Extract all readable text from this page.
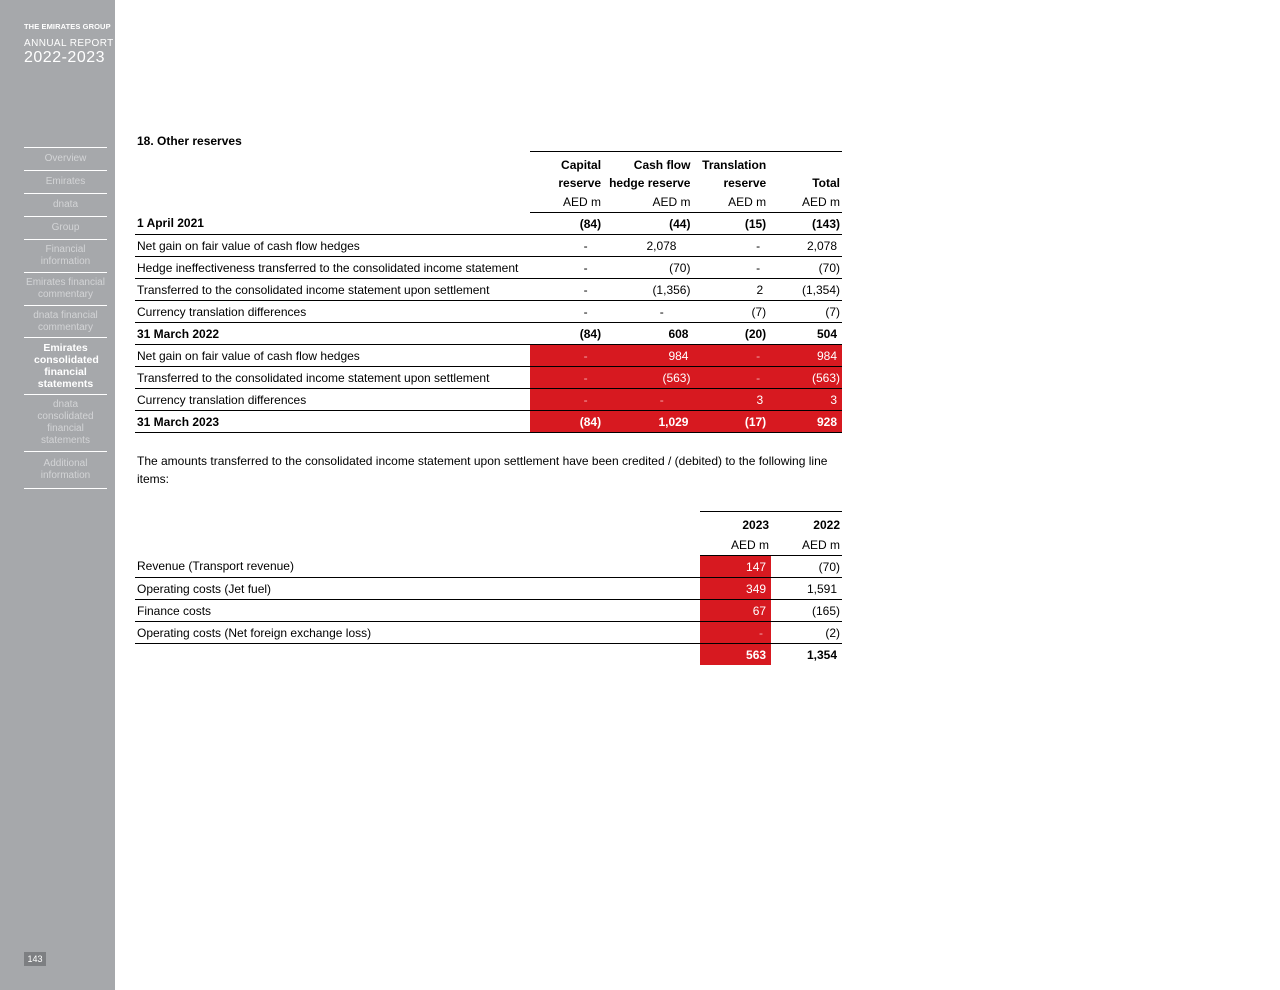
THE EMIRATES GROUP
ANNUAL REPORT
2022-2023
Overview
Emirates
dnata
Group
Financial information
Emirates financial commentary
dnata financial commentary
Emirates consolidated financial statements
dnata consolidated financial statements
Additional information
143
18. Other reserves
	Capital	Cash flow	Translation	
	reserve	hedge reserve	reserve	Total
	AED m	AED m	AED m	AED m
1 April 2021	(84)	(44)	(15)	(143)
Net gain on fair value of cash flow hedges	-	2,078	-	2,078
Hedge ineffectiveness transferred to the consolidated income statement	-	(70)	-	(70)
Transferred to the consolidated income statement upon settlement	-	(1,356)	2	(1,354)
Currency translation differences	-	-	(7)	(7)
31 March 2022	(84)	608	(20)	504
Net gain on fair value of cash flow hedges	-	984	-	984
Transferred to the consolidated income statement upon settlement	-	(563)	-	(563)
Currency translation differences	-	-	3	3
31 March 2023	(84)	1,029	(17)	928
The amounts transferred to the consolidated income statement upon settlement have been credited / (debited) to the following line items:
	2023	2022
	AED m	AED m
Revenue (Transport revenue)	147	(70)
Operating costs (Jet fuel)	349	1,591
Finance costs	67	(165)
Operating costs (Net foreign exchange loss)	-	(2)
	563	1,354
